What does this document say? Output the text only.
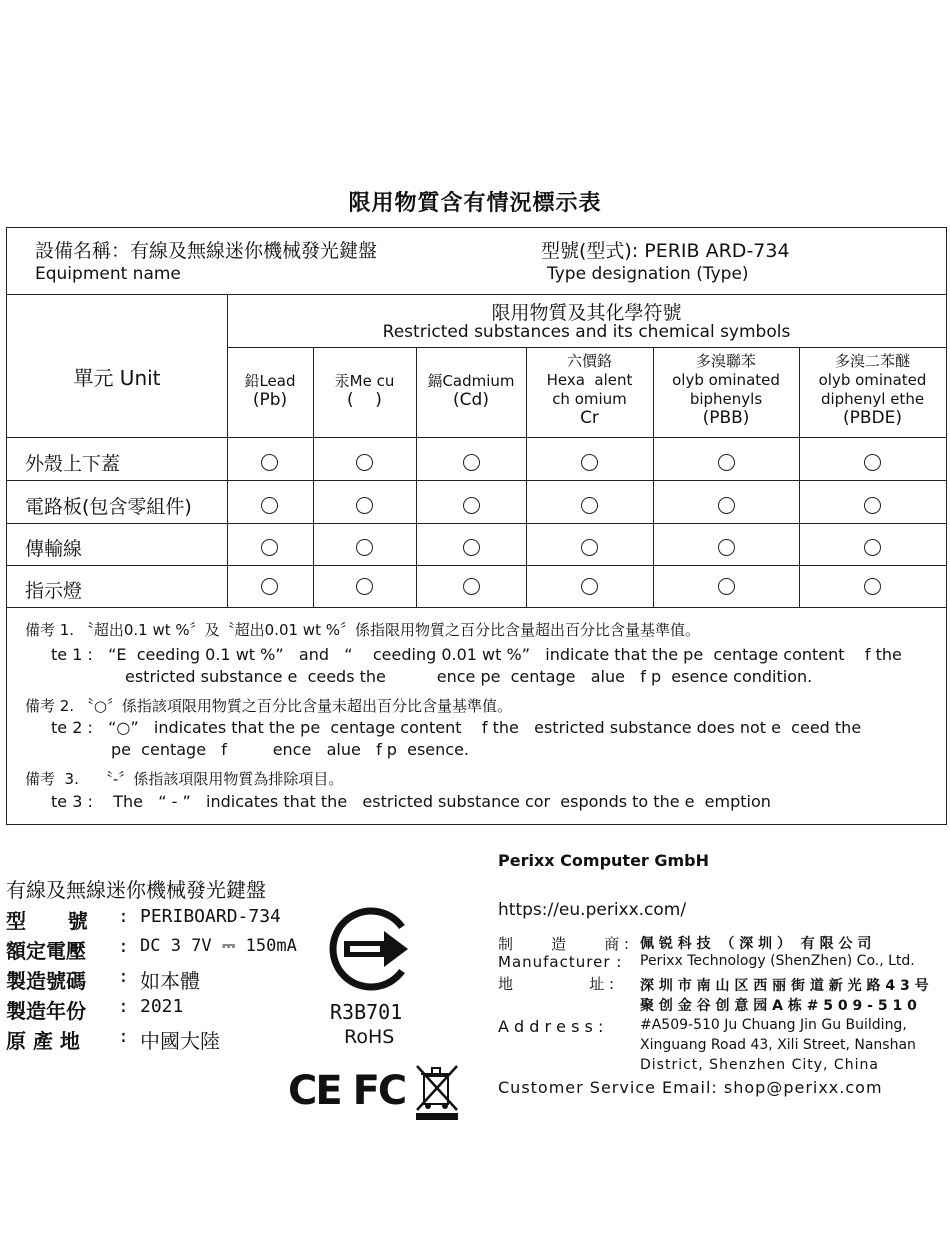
限用物質含有情況標示表
設備名稱：有線及無線迷你機械發光鍵盤
Equipment name
型號(型式): PERIB ARD-734
Type designation (Type)
單元 Unit
限用物質及其化學符號
Restricted substances and its chemical symbols
鉛Lead
(Pb)
汞Me cu
(    )
鎘Cadmium
(Cd)
六價鉻
Hexa  alent
ch omium
Cr
多溴聯苯
olyb ominated
biphenyls
(PBB)
多溴二苯醚
olyb ominated
diphenyl ethe
(PBDE)
外殼上下蓋
電路板(包含零組件)
傳輸線
指示燈
備考 1. 〝超出0.1 wt %〞及〝超出0.01 wt %〞係指限用物質之百分比含量超出百分比含量基準值。
te 1 :   “E  ceeding 0.1 wt %”   and   “    ceeding 0.01 wt %”   indicate that the pe  centage content    f the
estricted substance e  ceeds the          ence pe  centage   alue   f p  esence condition.
備考 2. 〝○〞係指該項限用物質之百分比含量未超出百分比含量基準值。
te 2 :   “○”   indicates that the pe  centage content    f the   estricted substance does not e  ceed the
pe  centage   f         ence   alue   f p  esence.
備考  3.    〝-〞係指該項限用物質為排除項目。
te 3 :    The   “ - ”   indicates that the   estricted substance cor  esponds to the e  emption
有線及無線迷你機械發光鍵盤
型      號 : PERIBOARD-734
額定電壓 : DC 3 7V ⎓ 150mA
製造號碼 : 如本體
製造年份 : 2021
原 產 地 : 中國大陸
R3B701
RoHS
CE FC
Perixx Computer GmbH
https://eu.perixx.com/
制        造        商 :
Manufacturer :
地                址 :
A d d r e s s :
佩 锐 科 技  （ 深 圳 ）  有 限 公 司
Perixx Technology (ShenZhen) Co., Ltd.
深 圳 市 南 山 区 西 丽 街 道 新 光 路 4 3 号
聚 创 金 谷 创 意 园 A 栋 # 5 0 9 - 5 1 0
#A509-510 Ju Chuang Jin Gu Building,
Xinguang Road 43, Xili Street, Nanshan
District, Shenzhen City, China
Customer Service Email: shop@perixx.com
